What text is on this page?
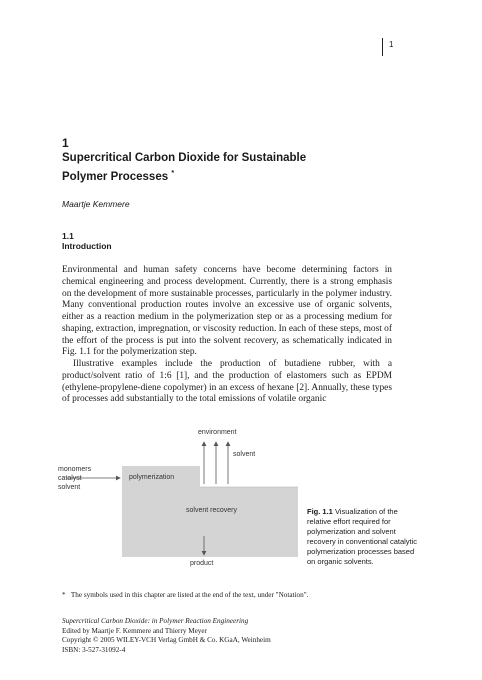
1
1
Supercritical Carbon Dioxide for Sustainable
Polymer Processes *
Maartje Kemmere
1.1
Introduction

Environmental and human safety concerns have become determining factors in chemical engineering and process development. Currently, there is a strong emphasis on the development of more sustainable processes, particularly in the polymer industry. Many conventional production routes involve an excessive use of organic solvents, either as a reaction medium in the polymerization step or as a processing medium for shaping, extraction, impregnation, or viscosity reduction. In each of these steps, most of the effort of the process is put into the solvent recovery, as schematically indicated in Fig. 1.1 for the polymerization step.

Illustrative examples include the production of butadiene rubber, with a product/solvent ratio of 1:6 [1], and the production of elastomers such as EPDM (ethylene-propylene-diene copolymer) in an excess of hexane [2]. Annually, these types of processes add substantially to the total emissions of volatile organic

monomers
catalyst
solvent
polymerization
solvent recovery
environment
solvent
product
Fig. 1.1 Visualization of the relative effort required for polymerization and solvent recovery in conventional catalytic polymerization processes based on organic solvents.
* The symbols used in this chapter are listed at the end of the text, under "Notation".
Supercritical Carbon Dioxide: in Polymer Reaction Engineering
Edited by Maartje F. Kemmere and Thierry Meyer
Copyright © 2005 WILEY-VCH Verlag GmbH & Co. KGaA, Weinheim
ISBN: 3-527-31092-4
